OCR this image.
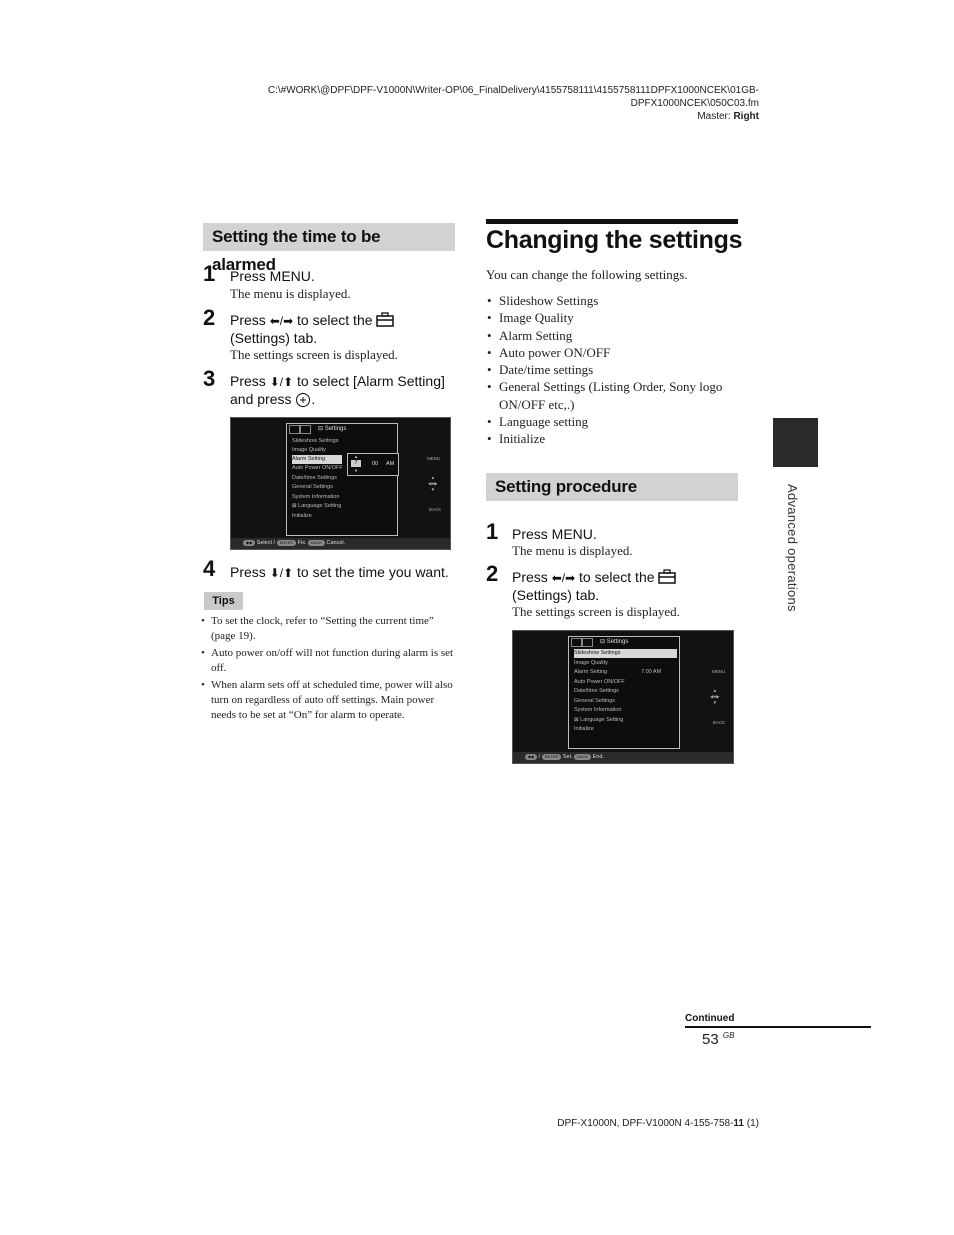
C:\#WORK\@DPF\DPF-V1000N\Writer-OP\06_FinalDelivery\4155758111\4155758111DPFX1000NCEK\01GB-
DPFX1000NCEK\050C03.fm
Master: Right
Setting the time to be alarmed
1 Press MENU.
The menu is displayed.
2 Press ⬅/➡ to select the
(Settings) tab.
The settings screen is displayed.
3 Press ⬇/⬆ to select [Alarm Setting]
and press .
⊟ Settings
Slideshow Settings
Image Quality
Alarm Setting
Auto Power ON/OFF
Date/time Settings
General Settings
System Information
⊠ Language Setting
Initialize
▲
7
▼
00 AM
MENU
▲
◀●▶
▼
BACK
◆◆ Select / ENTER Fix. BACK Cancel.
4 Press ⬇/⬆ to set the time you want.
Tips
• To set the clock, refer to “Setting the current time” (page 19).
• Auto power on/off will not function during alarm is set off.
• When alarm sets off at scheduled time, power will also turn on regardless of auto off settings. Main power needs to be set at “On” for alarm to operate.
Changing the settings
You can change the following settings.
• Slideshow Settings
• Image Quality
• Alarm Setting
• Auto power ON/OFF
• Date/time settings
• General Settings (Listing Order, Sony logo ON/OFF etc,.)
• Language setting
• Initialize
Setting procedure
1 Press MENU.
The menu is displayed.
2 Press ⬅/➡ to select the
(Settings) tab.
The settings screen is displayed.
⊟ Settings
Slideshow Settings
Image Quality
Alarm Setting	7:00 AM
Auto Power ON/OFF
Date/time Settings
General Settings
System Information
⊠ Language Setting
Initialize
MENU
▲
◀●▶
▼
BACK
◆◆ / ENTER Set. BACK End.
Advanced operations
Continued
53 $^{GB}$
DPF-X1000N, DPF-V1000N 4-155-758-11 (1)
